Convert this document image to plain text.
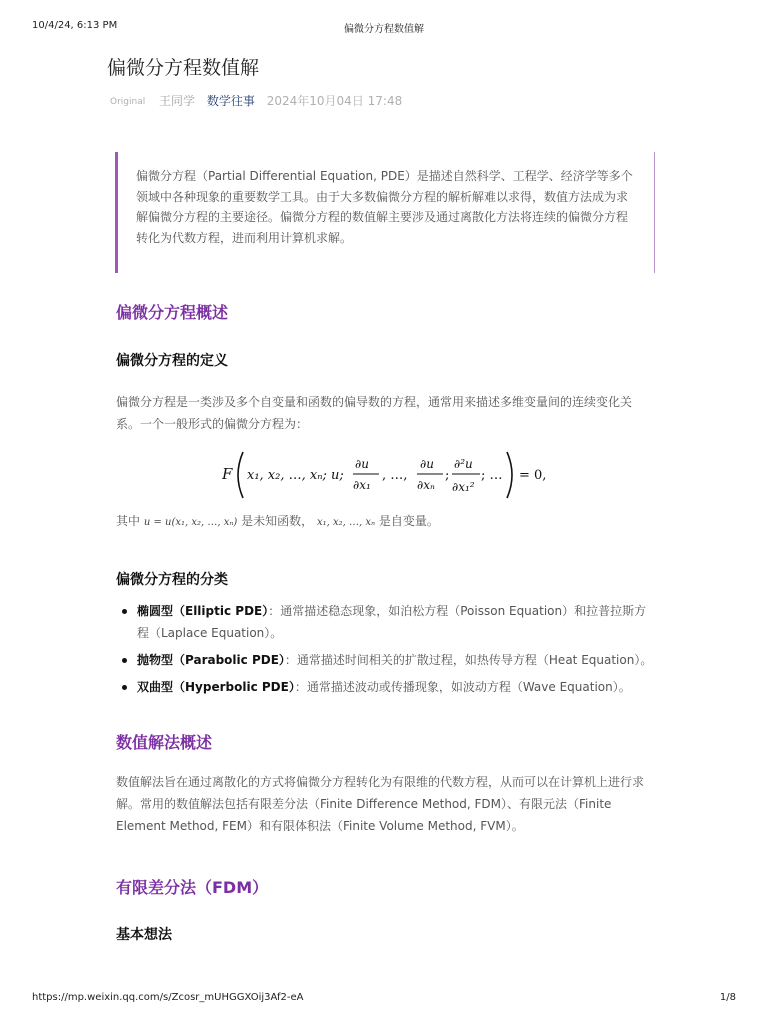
10/4/24, 6:13 PM	偏微分方程数值解
偏微分方程数值解
Original 王同学 数学往事 2024年10月04日 17:48

偏微分方程（Partial Differential Equation, PDE）是描述自然科学、工程学、经济学等多个领域中各种现象的重要数学工具。由于大多数偏微分方程的解析解难以求得，数值方法成为求解偏微分方程的主要途径。偏微分方程的数值解主要涉及通过离散化方法将连续的偏微分方程转化为代数方程，进而利用计算机求解。

偏微分方程概述
偏微分方程的定义

偏微分方程是一类涉及多个自变量和函数的偏导数的方程，通常用来描述多维变量间的连续变化关系。一个一般形式的偏微分方程为：

F x₁, x₂, …, xₙ; u;
∂u
∂x₁
, …,
∂u
∂xₙ
;
∂²u
∂x₁²
; … = 0,
其中 u = u(x₁, x₂, …, xₙ) 是未知函数， x₁, x₂, …, xₙ 是自变量。
偏微分方程的分类
椭圆型（Elliptic PDE）：通常描述稳态现象，如泊松方程（Poisson Equation）和拉普拉斯方程（Laplace Equation）。
抛物型（Parabolic PDE）：通常描述时间相关的扩散过程，如热传导方程（Heat Equation）。
双曲型（Hyperbolic PDE）：通常描述波动或传播现象，如波动方程（Wave Equation）。
数值解法概述

数值解法旨在通过离散化的方式将偏微分方程转化为有限维的代数方程，从而可以在计算机上进行求解。常用的数值解法包括有限差分法（Finite Difference Method, FDM）、有限元法（Finite Element Method, FEM）和有限体积法（Finite Volume Method, FVM）。

有限差分法（FDM）
基本想法
https://mp.weixin.qq.com/s/Zcosr_mUHGGXOij3Af2-eA	1/8
